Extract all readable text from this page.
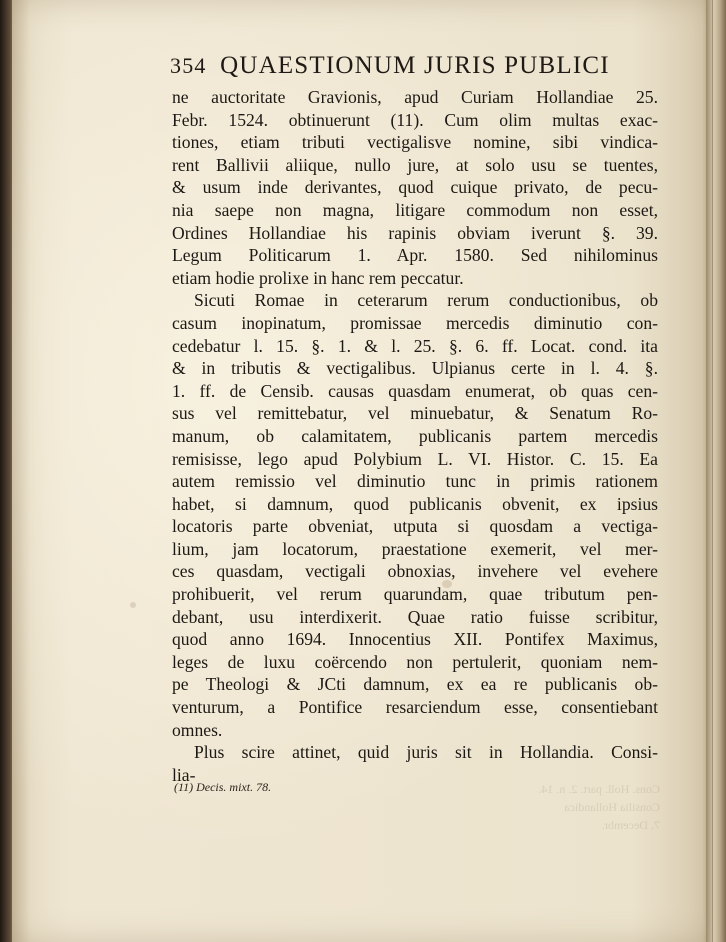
354 QUAESTIONUM JURIS PUBLICI
ne auctoritate Gravionis, apud Curiam Hollandiae 25.
Febr. 1524. obtinuerunt (11). Cum olim multas exac-
tiones, etiam tributi vectigalisve nomine, sibi vindica-
rent Ballivii aliique, nullo jure, at solo usu se tuentes,
& usum inde derivantes, quod cuique privato, de pecu-
nia saepe non magna, litigare commodum non esset,
Ordines Hollandiae his rapinis obviam iverunt §. 39.
Legum Politicarum 1. Apr. 1580. Sed nihilominus
etiam hodie prolixe in hanc rem peccatur.
Sicuti Romae in ceterarum rerum conductionibus, ob
casum inopinatum, promissae mercedis diminutio con-
cedebatur l. 15. §. 1. & l. 25. §. 6. ff. Locat. cond. ita
& in tributis & vectigalibus. Ulpianus certe in l. 4. §.
1. ff. de Censib. causas quasdam enumerat, ob quas cen-
sus vel remittebatur, vel minuebatur, & Senatum Ro-
manum, ob calamitatem, publicanis partem mercedis
remisisse, lego apud Polybium L. VI. Histor. C. 15. Ea
autem remissio vel diminutio tunc in primis rationem
habet, si damnum, quod publicanis obvenit, ex ipsius
locatoris parte obveniat, utputa si quosdam a vectiga-
lium, jam locatorum, praestatione exemerit, vel mer-
ces quasdam, vectigali obnoxias, invehere vel evehere
prohibuerit, vel rerum quarundam, quae tributum pen-
debant, usu interdixerit. Quae ratio fuisse scribitur,
quod anno 1694. Innocentius XII. Pontifex Maximus,
leges de luxu coërcendo non pertulerit, quoniam nem-
pe Theologi & JCti damnum, ex ea re publicanis ob-
venturum, a Pontifice resarciendum esse, consentiebant
omnes.
Plus scire attinet, quid juris sit in Hollandia. Consi-
lia-
(11) Decis. mixt. 78.
